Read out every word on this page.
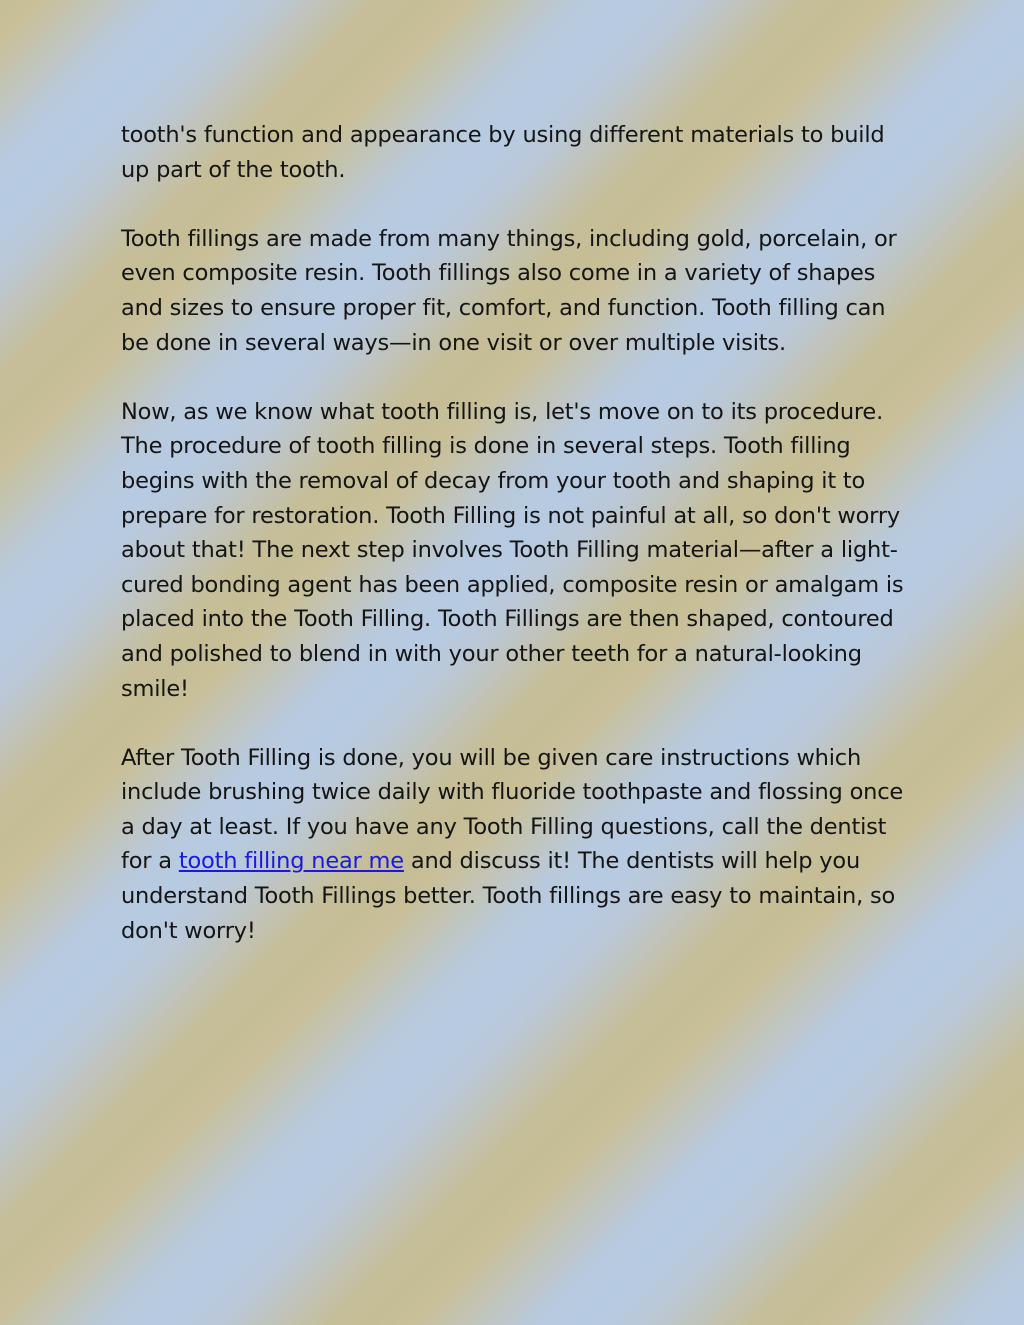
tooth's function and appearance by using different materials to build up part of the tooth.

Tooth fillings are made from many things, including gold, porcelain, or even composite resin. Tooth fillings also come in a variety of shapes and sizes to ensure proper fit, comfort, and function. Tooth filling can be done in several ways—in one visit or over multiple visits.

Now, as we know what tooth filling is, let's move on to its procedure. The procedure of tooth filling is done in several steps. Tooth filling begins with the removal of decay from your tooth and shaping it to prepare for restoration. Tooth Filling is not painful at all, so don't worry about that! The next step involves Tooth Filling material—after a light-cured bonding agent has been applied, composite resin or amalgam is placed into the Tooth Filling. Tooth Fillings are then shaped, contoured and polished to blend in with your other teeth for a natural-looking smile!

After Tooth Filling is done, you will be given care instructions which include brushing twice daily with fluoride toothpaste and flossing once a day at least. If you have any Tooth Filling questions, call the dentist for a tooth filling near me and discuss it! The dentists will help you understand Tooth Fillings better. Tooth fillings are easy to maintain, so don't worry!
